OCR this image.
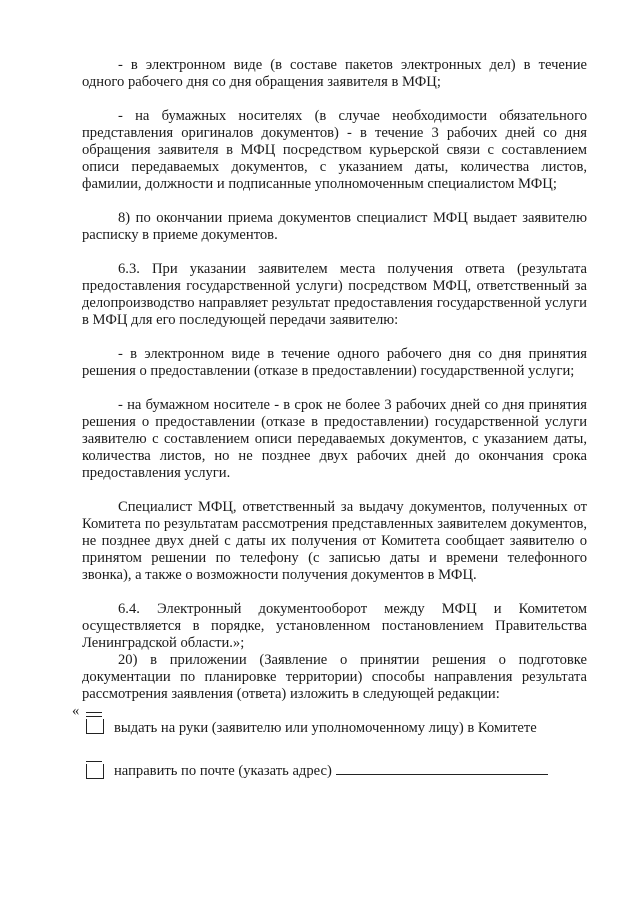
- в электронном виде (в составе пакетов электронных дел) в течение одного рабочего дня со дня обращения заявителя в МФЦ;

- на бумажных носителях (в случае необходимости обязательного представления оригиналов документов) - в течение 3 рабочих дней со дня обращения заявителя в МФЦ посредством курьерской связи с составлением описи передаваемых документов, с указанием даты, количества листов, фамилии, должности и подписанные уполномоченным специалистом МФЦ;

8) по окончании приема документов специалист МФЦ выдает заявителю расписку в приеме документов.

6.3. При указании заявителем места получения ответа (результата предоставления государственной услуги) посредством МФЦ, ответственный за делопроизводство направляет результат предоставления государственной услуги в МФЦ для его последующей передачи заявителю:

- в электронном виде в течение одного рабочего дня со дня принятия решения о предоставлении (отказе в предоставлении) государственной услуги;

- на бумажном носителе - в срок не более 3 рабочих дней со дня принятия решения о предоставлении (отказе в предоставлении) государственной услуги заявителю с составлением описи передаваемых документов, с указанием даты, количества листов, но не позднее двух рабочих дней до окончания срока предоставления услуги.

Специалист МФЦ, ответственный за выдачу документов, полученных от Комитета по результатам рассмотрения представленных заявителем документов, не позднее двух дней с даты их получения от Комитета сообщает заявителю о принятом решении по телефону (с записью даты и времени телефонного звонка), а также о возможности получения документов в МФЦ.

6.4. Электронный документооборот между МФЦ и Комитетом осуществляется в порядке, установленном постановлением Правительства Ленинградской области.»;

20) в приложении (Заявление о принятии решения о подготовке документации по планировке территории) способы направления результата рассмотрения заявления (ответа) изложить в следующей редакции:

«
выдать на руки (заявителю или уполномоченному лицу) в Комитете
направить по почте (указать адрес)
